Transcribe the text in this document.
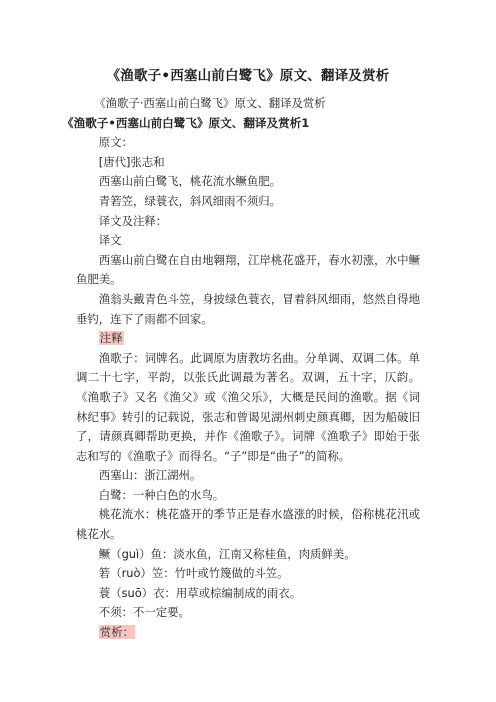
《渔歌子•西塞山前白鹭飞》原文、翻译及赏析
《渔歌子·西塞山前白鹭飞》原文、翻译及赏析
《渔歌子•西塞山前白鹭飞》原文、翻译及赏析1
原文：
[唐代]张志和
西塞山前白鹭飞，桃花流水鳜鱼肥。
青箬笠，绿蓑衣，斜风细雨不须归。
译文及注释：
译文

西塞山前白鹭在自由地翱翔，江岸桃花盛开，春水初涨，水中鳜鱼肥美。

渔翁头戴青色斗笠，身披绿色蓑衣，冒着斜风细雨，悠然自得地垂钓，连下了雨都不回家。

注释

渔歌子：词牌名。此调原为唐教坊名曲。分单调、双调二体。单调二十七字，平韵，以张氏此调最为著名。双调，五十字，仄韵。《渔歌子》又名《渔父》或《渔父乐》，大概是民间的渔歌。据《词林纪事》转引的记载说，张志和曾谒见湖州刺史颜真卿，因为船破旧了，请颜真卿帮助更换，并作《渔歌子》。词牌《渔歌子》即始于张志和写的《渔歌子》而得名。“子”即是“曲子”的简称。

西塞山：浙江湖州。
白鹭：一种白色的水鸟。

桃花流水：桃花盛开的季节正是春水盛涨的时候，俗称桃花汛或桃花水。

鳜（guì）鱼：淡水鱼，江南又称桂鱼，肉质鲜美。
箬（ruò）笠：竹叶或竹篾做的斗笠。
蓑（suō）衣：用草或棕编制成的雨衣。
不须：不一定要。
赏析：
